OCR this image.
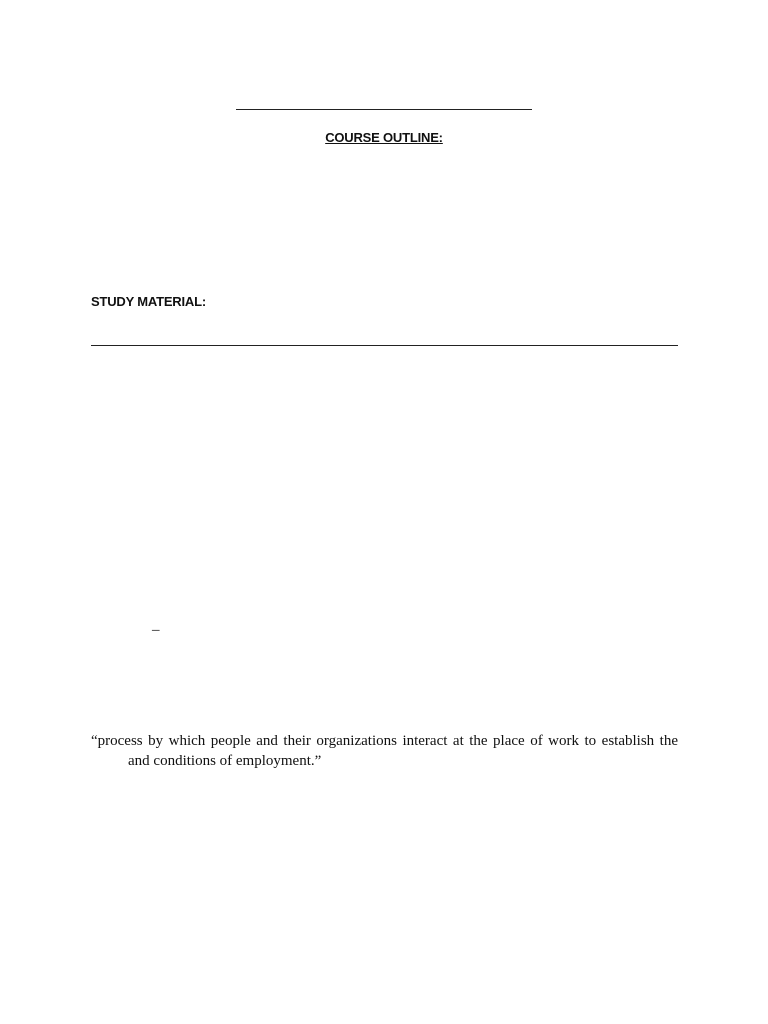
COURSE OUTLINE:
STUDY MATERIAL:
–

“process by which people and their organizations interact at the place of work to establish the
and conditions of employment.”
